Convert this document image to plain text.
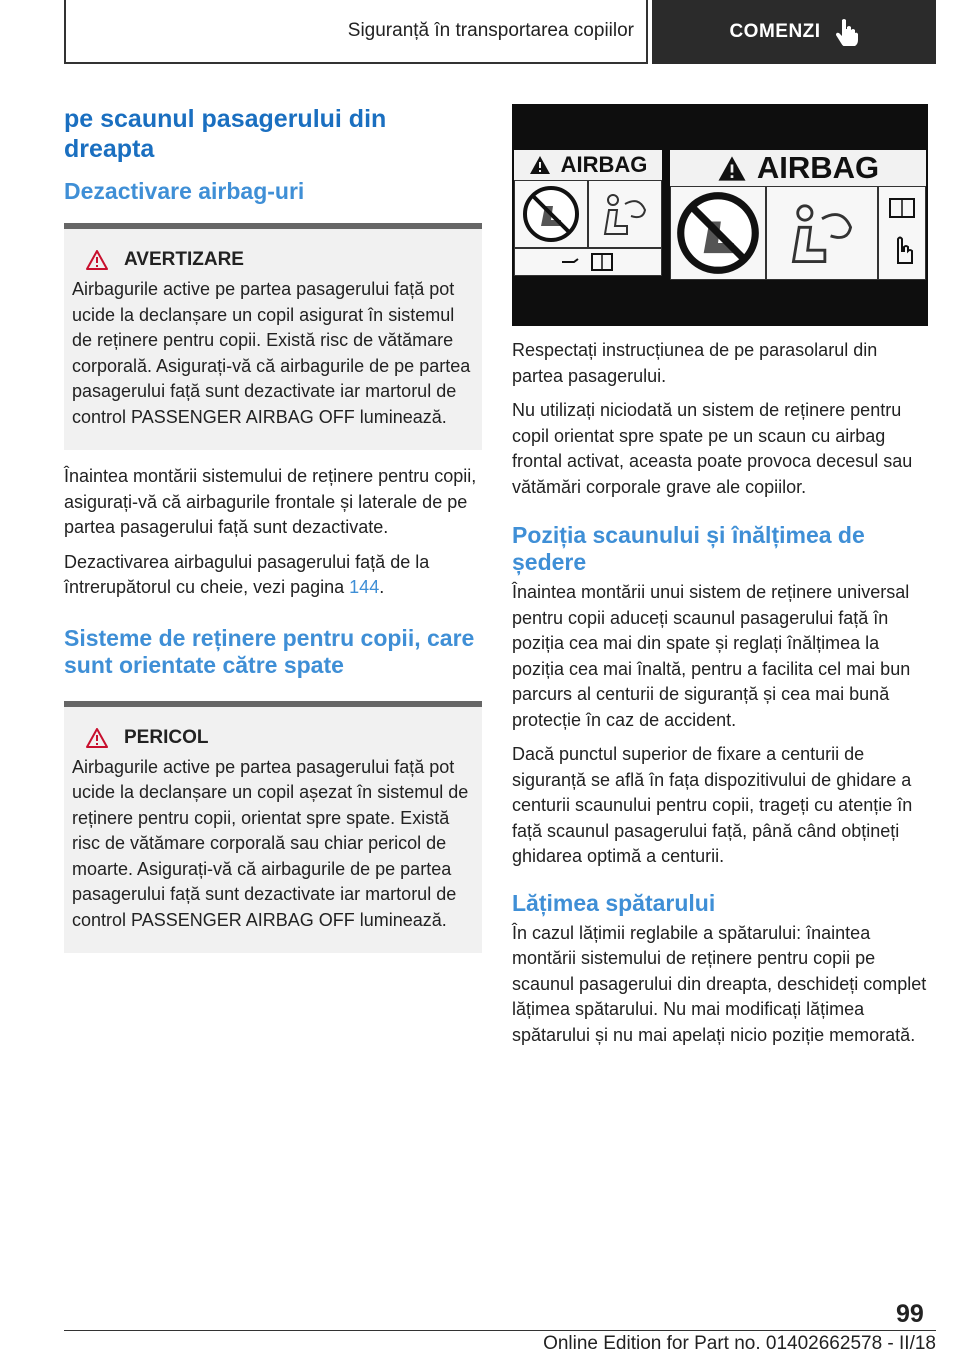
Siguranță în transportarea copiilor	COMENZI
pe scaunul pasagerului din dreapta
Dezactivare airbag-uri
AVERTIZARE

Airbagurile active pe partea pasagerului față pot ucide la declanșare un copil asigurat în sistemul de reținere pentru copii. Există risc de vătămare corporală. Asigurați-vă că airbagurile de pe partea pasagerului față sunt dezactivate iar martorul de control PASSENGER AIRBAG OFF luminează.

Înaintea montării sistemului de reținere pentru copii, asigurați-vă că airbagurile frontale și laterale de pe partea pasagerului față sunt dezactivate.

Dezactivarea airbagului pasagerului față de la întrerupătorul cu cheie, vezi pagina 144.

Sisteme de reținere pentru copii, care sunt orientate către spate
PERICOL

Airbagurile active pe partea pasagerului față pot ucide la declanșare un copil așezat în sistemul de reținere pentru copii, orientat spre spate. Există risc de vătămare corporală sau chiar pericol de moarte. Asigurați-vă că airbagurile de pe partea pasagerului față sunt dezactivate iar martorul de control PASSENGER AIRBAG OFF luminează.

AIRBAG	AIRBAG

Respectați instrucțiunea de pe parasolarul din partea pasagerului.

Nu utilizați niciodată un sistem de reținere pentru copil orientat spre spate pe un scaun cu airbag frontal activat, aceasta poate provoca decesul sau vătămări corporale grave ale copiilor.

Poziția scaunului și înălțimea de ședere

Înaintea montării unui sistem de reținere universal pentru copii aduceți scaunul pasagerului față în poziția cea mai din spate și reglați înălțimea la poziția cea mai înaltă, pentru a facilita cel mai bun parcurs al centurii de siguranță și cea mai bună protecție în caz de accident.

Dacă punctul superior de fixare a centurii de siguranță se află în fața dispozitivului de ghidare a centurii scaunului pentru copii, trageți cu atenție în față scaunul pasagerului față, până când obțineți ghidarea optimă a centurii.

Lățimea spătarului

În cazul lățimii reglabile a spătarului: înaintea montării sistemului de reținere pentru copii pe scaunul pasagerului din dreapta, deschideți complet lățimea spătarului. Nu mai modificați lățimea spătarului și nu mai apelați nicio poziție memorată.

99
Online Edition for Part no. 01402662578 - II/18
